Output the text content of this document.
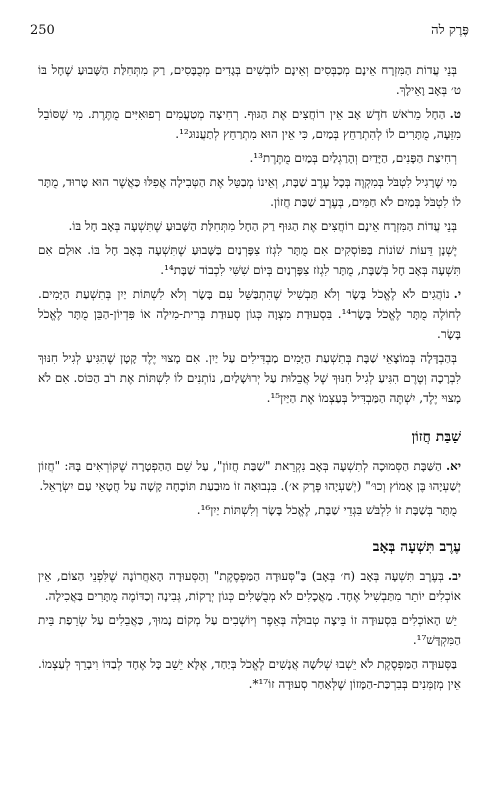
250	פֶּרֶק לה

בְּנֵי עֲדוֹת הַמִּזְרָח אֵינָם מְכַבְּסִים וְאֵינָם לוֹבְשִׁים בְּגָדִים מְכֻבָּסִים, רַק מִתְּחִלַּת הַשָּׁבוּעַ שֶׁחָל בּוֹ ט׳ בְּאָב וָאֵילָךְ.

ט.הַחָל מֵרֹאשׁ חֹדֶשׁ אָב אֵין רוֹחֲצִים אֶת הַגּוּף. רְחִיצָה מְטַעֲמִים רְפוּאִיִּים מֻתֶּרֶת. מִי שֶׁסּוֹבֵל מִזֵּעָה, מֻתָּרִים לוֹ לְהִתְרַחֵץ בְּמַיִם, כִּי אֵין הוּא מִתְרַחֵץ לְתַעֲנוּג¹².

רְחִיצַת הַפָּנִים, הַיָּדַיִם וְהָרַגְלַיִם בְּמַיִם מֻתֶּרֶת¹³.

מִי שֶׁרָגִיל לִטְבֹּל בְּמִקְוֶה בְּכָל עֶרֶב שַׁבָּת, וְאֵינוֹ מְבַטֵּל אֶת הַטְּבִילָה אֲפִלּוּ כַּאֲשֶׁר הוּא טָרוּד, מֻתָּר לוֹ לִטְבֹּל בְּמַיִם לֹא חַמִּים, בְּעֶרֶב שַׁבַּת חֲזוֹן.

בְּנֵי עֲדוֹת הַמִּזְרָח אֵינָם רוֹחֲצִים אֶת הַגּוּף רַק הַחָל מִתְּחִלַּת הַשָּׁבוּעַ שֶׁתִּשְׁעָה בְּאָב חָל בּוֹ.

יֶשְׁנָן דֵּעוֹת שׁוֹנוֹת בַּפּוֹסְקִים אִם מֻתָּר לִגְזֹז צִפָּרְנַיִם בַּשָּׁבוּעַ שֶׁתִּשְׁעָה בְּאָב חָל בּוֹ. אוּלָם אִם תִּשְׁעָה בְּאָב חָל בְּשַׁבָּת, מֻתָּר לִגְזֹז צִפָּרְנַיִם בְּיוֹם שִׁשִּׁי לִכְבוֹד שַׁבָּת¹⁴.

י.נוֹהֲגִים לֹא לֶאֱכֹל בָּשָׂר וְלֹא תַּבְשִׁיל שֶׁהִתְבַּשֵּׁל עִם בָּשָׂר וְלֹא לִשְׁתּוֹת יַיִן בְּתִשְׁעַת הַיָּמִים. לְחוֹלֶה מֻתָּר לֶאֱכֹל בָּשָׂר¹⁴. בִּסְעוּדַת מִצְוָה כְּגוֹן סְעוּדַת בְּרִית-מִילָה אוֹ פִּדְיוֹן-הַבֵּן מֻתָּר לֶאֱכֹל בָּשָׂר.

בְּהַבְדָּלָה בְּמוֹצָאֵי שַׁבָּת בְּתִשְׁעַת הַיָּמִים מַבְדִּילִים עַל יַיִן. אִם מָצוּי יֶלֶד קָטָן שֶׁהִגִּיעַ לְגִיל חִנּוּךְ לִבְרָכָה וְטֶרֶם הִגִּיעַ לְגִיל חִנּוּךְ שֶׁל אֲבֵלוּת עַל יְרוּשָׁלַיִם, נוֹתְנִים לוֹ לִשְׁתּוֹת אֶת רֹב הַכּוֹס. אִם לֹא מָצוּי יֶלֶד, יִשְׁתֶּה הַמַּבְדִּיל בְּעַצְמוֹ אֶת הַיַּיִן¹⁵.

שַׁבַּת חֲזוֹן

יא.הַשַּׁבָּת הַסְּמוּכָה לְתִשְׁעָה בְּאָב נִקְרֵאת "שַׁבַּת חֲזוֹן", עַל שֵׁם הַהַפְטָרָה שֶׁקּוֹרְאִים בָּהּ: "חֲזוֹן יְשַׁעְיָהוּ בֶּן אָמוֹץ וְכוּ׳" (יְשַׁעְיָהוּ פֶּרֶק א׳). בִּנְבוּאָה זוֹ מוּבַעַת תּוֹכָחָה קָשָׁה עַל חֲטָאֵי עַם יִשְׂרָאֵל.

מֻתָּר בְּשַׁבָּת זוֹ לִלְבֹּשׁ בִּגְדֵי שַׁבָּת, לֶאֱכֹל בָּשָׂר וְלִשְׁתּוֹת יַיִן¹⁶.

עֶרֶב תִּשְׁעָה בְּאָב

יב.בְּעֶרֶב תִּשְׁעָה בְּאָב (ח׳ בְּאָב) בַּ"סְּעוּדָה הַמַּפְסֶקֶת" וְהַסְּעוּדָה הָאַחֲרוֹנָה שֶׁלִּפְנֵי הַצּוֹם, אֵין אוֹכְלִים יוֹתֵר מִתַּבְשִׁיל אֶחָד. מַאֲכָלִים לֹא מְבֻשָּׁלִים כְּגוֹן יְרָקוֹת, גְּבִינָה וְכַדּוֹמֶה מֻתָּרִים בַּאֲכִילָה.

יֵשׁ הָאוֹכְלִים בִּסְעוּדָה זוֹ בֵּיצָה טְבוּלָה בְּאֵפֶר וְיוֹשְׁבִים עַל מְקוֹם נָמוּךְ, כַּאֲבֵלִים עַל שְׂרֵפַת בֵּית הַמִּקְדָּשׁ¹⁷.

בַּסְּעוּדָה הַמַּפְסֶקֶת לֹא יֵשְׁבוּ שְׁלֹשָׁה אֲנָשִׁים לֶאֱכֹל בְּיַחַד, אֶלָּא יֵשֵׁב כָּל אֶחָד לְבַדּוֹ וִיבָרֵךְ לְעַצְמוֹ. אֵין מְזַמְּנִים בְּבִרְכַּת-הַמָּזוֹן שֶׁלְּאַחַר סְעוּדָה זוֹ¹⁷*.
